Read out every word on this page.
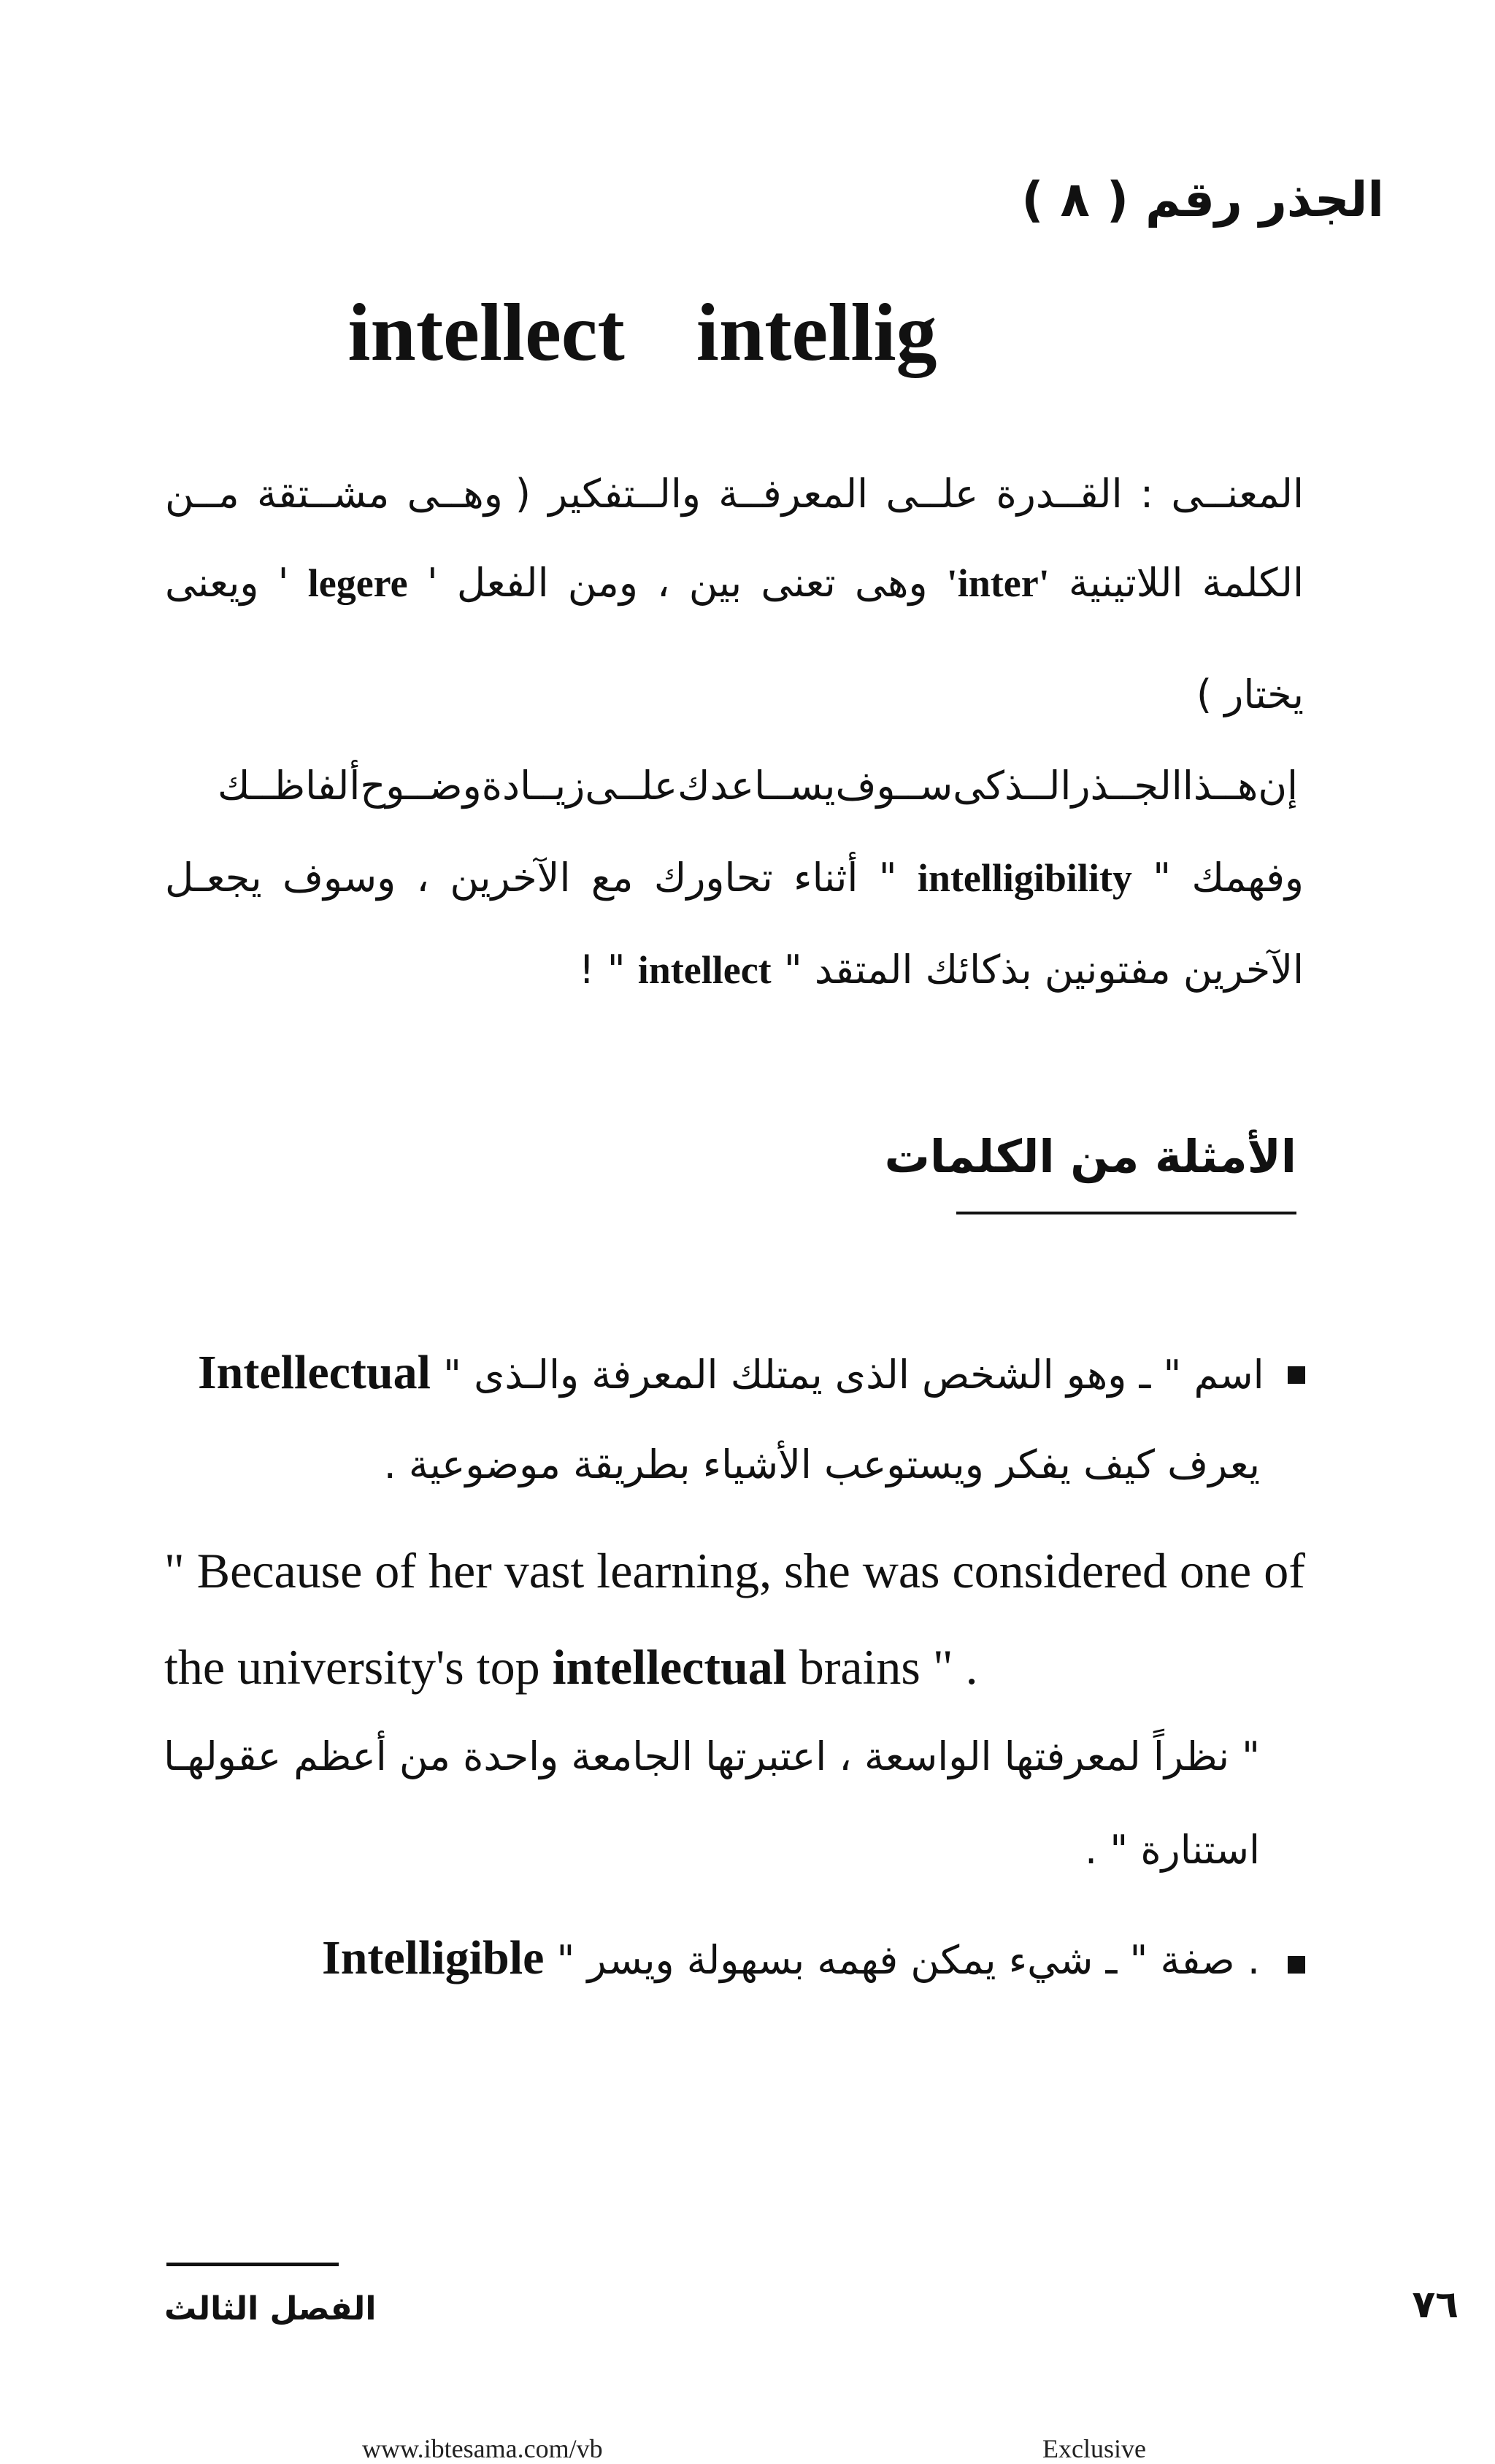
الجذر رقم ( ٨ )
intellect intellig
المعنــى
:
القــدرة
علــى
المعرفــة
والــتفكير
( وهــى
مشــتقة
مــن
الكلمة اللاتينية 'inter' وهى تعنى بين ، ومن الفعل ' legere ' ويعنى
يختار )
إن
هــذا
الجــذر
الــذكى
ســوف
يســاعدك
علــى
زيــادة
وضــوح
ألفاظــك
وفهمك " intelligibility " أثناء تحاورك مع الآخرين ، وسوف يجعـل
الآخرين مفتونين بذكائك المتقد " intellect " !
الأمثلة من الكلمات
Intellectual " اسم " ـ وهو الشخص الذى يمتلك المعرفة والـذى
يعرف كيف يفكر ويستوعب الأشياء بطريقة موضوعية .
" Because of her vast learning, she was considered one of
the university's top intellectual brains " .
" نظراً لمعرفتها الواسعة ، اعتبرتها الجامعة واحدة من أعظم عقولهـا
استنارة " .
Intelligible " صفة " ـ شيء يمكن فهمه بسهولة ويسر .
الفصل الثالث	٧٦
www.ibtesama.com/vb	Exclusive
